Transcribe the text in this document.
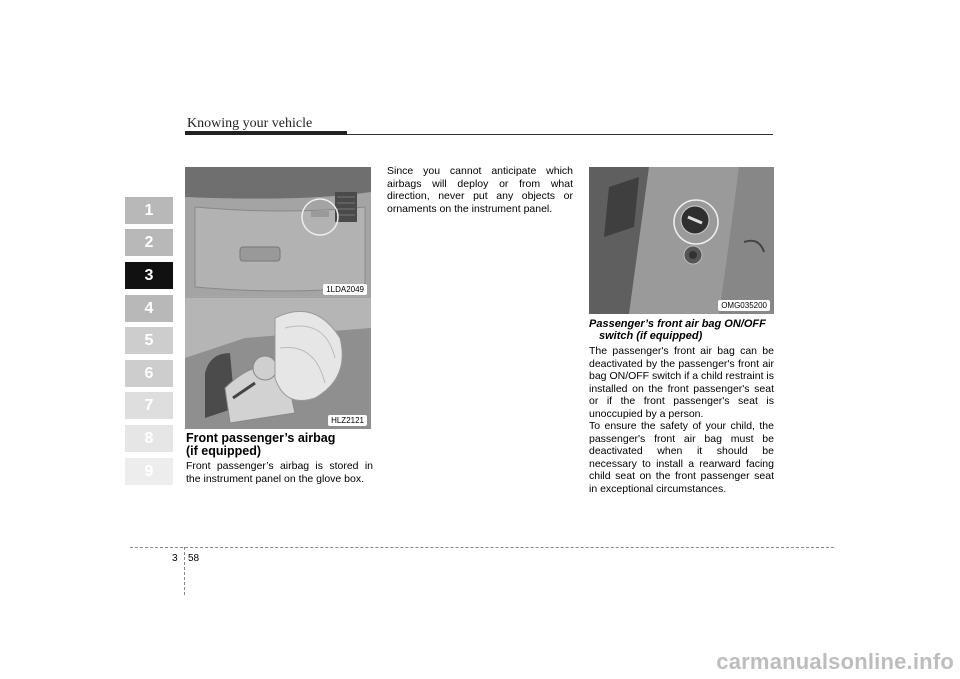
Knowing your vehicle
1
2
3
4
5
6
7
8
9
1LDA2049
HLZ2121
Front passenger’s airbag
(if equipped)

Front passenger’s airbag is stored in the instrument panel on the glove box.

Since you cannot anticipate which airbags will deploy or from what direction, never put any objects or ornaments on the instrument panel.

OMG035200
Passenger’s front air bag ON/OFF
switch (if equipped)

The passenger's front air bag can be deactivated by the passenger's front air bag ON/OFF switch if a child restraint is installed on the front passenger's seat or if the front passenger's seat is unoccupied by a person.

To ensure the safety of your child, the passenger's front air bag must be deactivated when it should be necessary to install a rearward facing child seat on the front passenger seat in exceptional circumstances.

3 58
carmanualsonline.info
